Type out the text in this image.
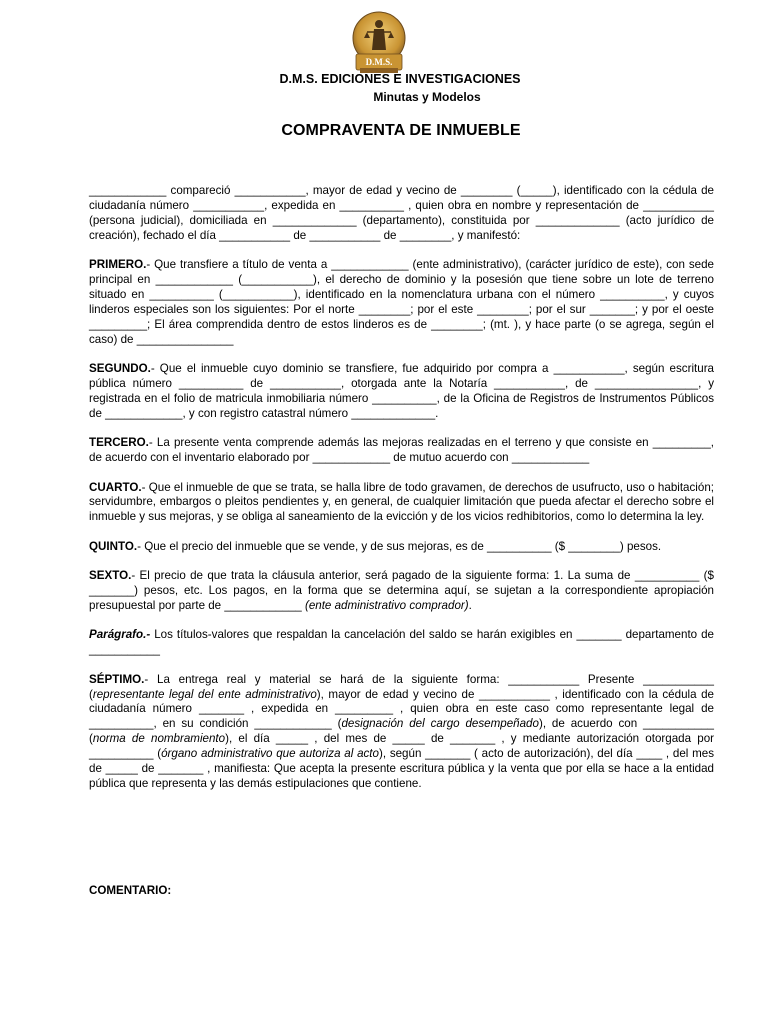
D.M.S.
D.M.S. EDICIONES E INVESTIGACIONES
Minutas y Modelos
COMPRAVENTA DE INMUEBLE

____________ compareció ___________, mayor de edad y vecino de ________ (_____), identificado con la cédula de ciudadanía número ___________, expedida en __________ , quien obra en nombre y representación de ___________ (persona judicial), domiciliada en _____________ (departamento), constituida por _____________ (acto jurídico de creación), fechado el día ___________ de ___________ de ________, y manifestó:

PRIMERO.- Que transfiere a título de venta a ____________ (ente administrativo), (carácter jurídico de este), con sede principal en ____________ (___________), el derecho de dominio y la posesión que tiene sobre un lote de terreno situado en __________ (___________), identificado en la nomenclatura urbana con el número __________, y cuyos linderos especiales son los siguientes: Por el norte ________; por el este ________; por el sur _______; y por el oeste _________; El área comprendida dentro de estos linderos es de ________; (mt. ), y hace parte (o se agrega, según el caso) de _______________

SEGUNDO.- Que el inmueble cuyo dominio se transfiere, fue adquirido por compra a ___________, según escritura pública número __________ de ___________, otorgada ante la Notaría ___________, de ________________, y registrada en el folio de matricula inmobiliaria número __________, de la Oficina de Registros de Instrumentos Públicos de ____________, y con registro catastral número _____________.

TERCERO.- La presente venta comprende además las mejoras realizadas en el terreno y que consiste en _________, de acuerdo con el inventario elaborado por ____________ de mutuo acuerdo con ____________

CUARTO.- Que el inmueble de que se trata, se halla libre de todo gravamen, de derechos de usufructo, uso o habitación; servidumbre, embargos o pleitos pendientes y, en general, de cualquier limitación que pueda afectar el derecho sobre el inmueble y sus mejoras, y se obliga al saneamiento de la evicción y de los vicios redhibitorios, como lo determina la ley.

QUINTO.- Que el precio del inmueble que se vende, y de sus mejoras, es de __________ ($ ________) pesos.

SEXTO.- El precio de que trata la cláusula anterior, será pagado de la siguiente forma: 1. La suma de __________ ($ _______) pesos, etc. Los pagos, en la forma que se determina aquí, se sujetan a la correspondiente apropiación presupuestal por parte de ____________ (ente administrativo comprador).

Parágrafo.- Los títulos-valores que respaldan la cancelación del saldo se harán exigibles en _______ departamento de ___________

SÉPTIMO.- La entrega real y material se hará de la siguiente forma: ___________ Presente ___________ (representante legal del ente administrativo), mayor de edad y vecino de ___________ , identificado con la cédula de ciudadanía número _______ , expedida en _________ , quien obra en este caso como representante legal de __________, en su condición ____________ (designación del cargo desempeñado), de acuerdo con ___________ (norma de nombramiento), el día _____ , del mes de _____ de _______ , y mediante autorización otorgada por __________ (órgano administrativo que autoriza al acto), según _______ ( acto de autorización), del día ____ , del mes de _____ de _______ , manifiesta: Que acepta la presente escritura pública y la venta que por ella se hace a la entidad pública que representa y las demás estipulaciones que contiene.

COMENTARIO:
